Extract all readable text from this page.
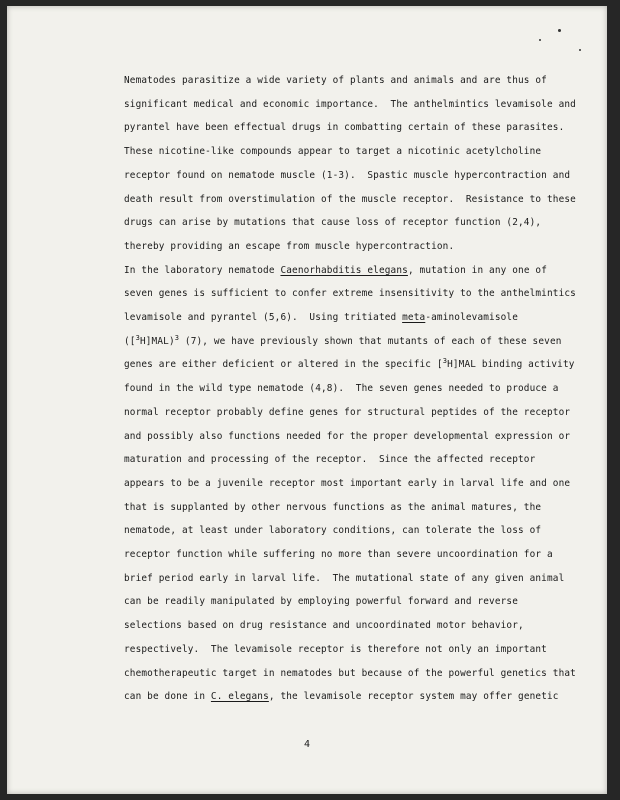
Nematodes parasitize a wide variety of plants and animals and are thus of
significant medical and economic importance.  The anthelmintics levamisole and
pyrantel have been effectual drugs in combatting certain of these parasites.
These nicotine-like compounds appear to target a nicotinic acetylcholine
receptor found on nematode muscle (1-3).  Spastic muscle hypercontraction and
death result from overstimulation of the muscle receptor.  Resistance to these
drugs can arise by mutations that cause loss of receptor function (2,4),
thereby providing an escape from muscle hypercontraction.

In the laboratory nematode Caenorhabditis elegans, mutation in any one of
seven genes is sufficient to confer extreme insensitivity to the anthelmintics
levamisole and pyrantel (5,6).  Using tritiated meta-aminolevamisole
$([^3H]MAL)^3$ (7), we have previously shown that mutants of each of these seven
genes are either deficient or altered in the specific [$^3$H]MAL binding activity
found in the wild type nematode (4,8).  The seven genes needed to produce a
normal receptor probably define genes for structural peptides of the receptor
and possibly also functions needed for the proper developmental expression or
maturation and processing of the receptor.  Since the affected receptor
appears to be a juvenile receptor most important early in larval life and one
that is supplanted by other nervous functions as the animal matures, the
nematode, at least under laboratory conditions, can tolerate the loss of
receptor function while suffering no more than severe uncoordination for a
brief period early in larval life.  The mutational state of any given animal
can be readily manipulated by employing powerful forward and reverse
selections based on drug resistance and uncoordinated motor behavior,
respectively.  The levamisole receptor is therefore not only an important
chemotherapeutic target in nematodes but because of the powerful genetics that
can be done in C. elegans, the levamisole receptor system may offer genetic

4
